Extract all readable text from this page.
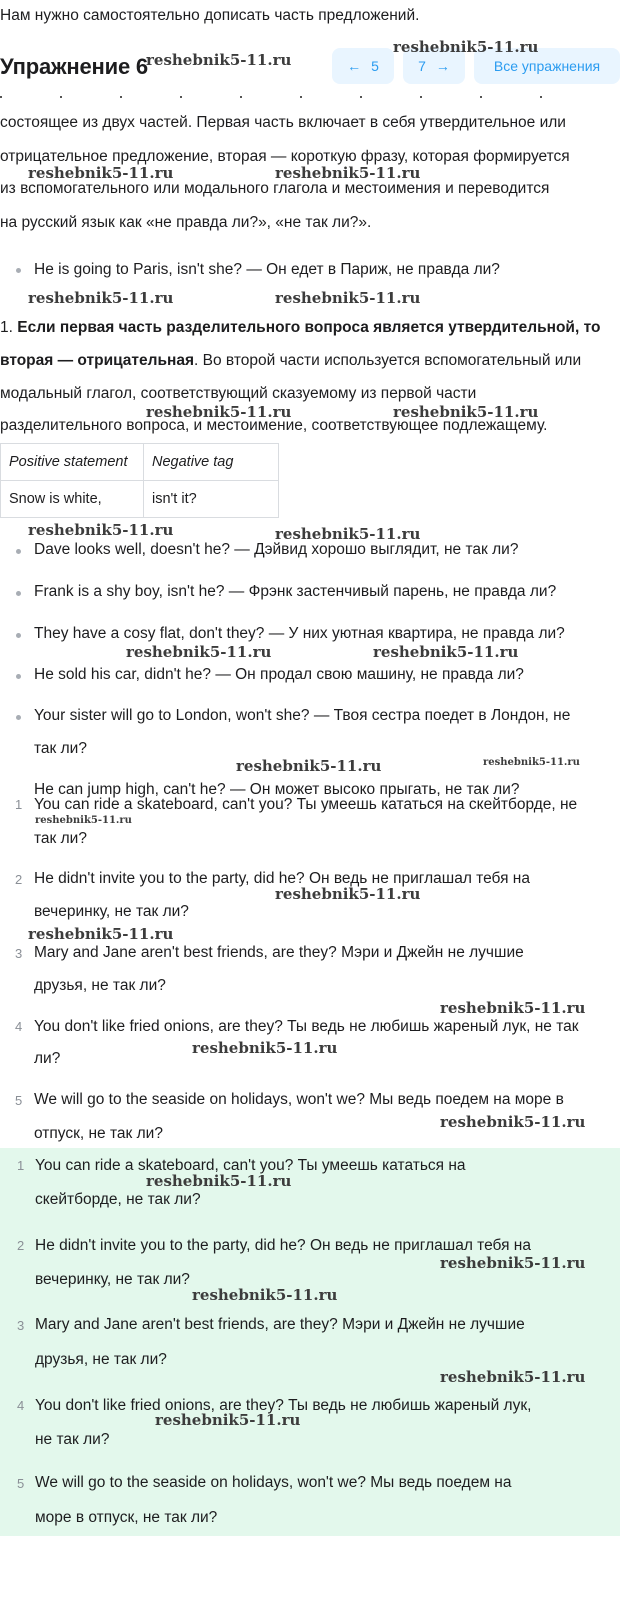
Нам нужно самостоятельно дописать часть предложений.
Упражнение 6	← 5	7 →	Все упражнения
состоящее из двух частей. Первая часть включает в себя утвердительное или
отрицательное предложение, вторая — короткую фразу, которая формируется
из вспомогательного или модального глагола и местоимения и переводится
на русский язык как «не правда ли?», «не так ли?».
He is going to Paris, isn't she? — Он едет в Париж, не правда ли?
1. Если первая часть разделительного вопроса является утвердительной, то
вторая — отрицательная. Во второй части используется вспомогательный или
модальный глагол, соответствующий сказуемому из первой части
разделительного вопроса, и местоимение, соответствующее подлежащему.
Positive statement	Negative tag
Snow is white,	isn't it?
Dave looks well, doesn't he? — Дэйвид хорошо выглядит, не так ли?
Frank is a shy boy, isn't he? — Фрэнк застенчивый парень, не правда ли?
They have a cosy flat, don't they? — У них уютная квартира, не правда ли?
He sold his car, didn't he? — Он продал свою машину, не правда ли?
Your sister will go to London, won't she? — Твоя сестра поедет в Лондон, не
так ли?
He can jump high, can't he? — Он может высоко прыгать, не так ли?
1 You can ride a skateboard, can't you? Ты умеешь кататься на скейтборде, не
так ли?
2 He didn't invite you to the party, did he? Он ведь не приглашал тебя на
вечеринку, не так ли?
3 Mary and Jane aren't best friends, are they? Мэри и Джейн не лучшие
друзья, не так ли?
4 You don't like fried onions, are they? Ты ведь не любишь жареный лук, не так
ли?
5 We will go to the seaside on holidays, won't we? Мы ведь поедем на море в
отпуск, не так ли?
1 You can ride a skateboard, can't you? Ты умеешь кататься на
скейтборде, не так ли?
2 He didn't invite you to the party, did he? Он ведь не приглашал тебя на
вечеринку, не так ли?
3 Mary and Jane aren't best friends, are they? Мэри и Джейн не лучшие
друзья, не так ли?
4 You don't like fried onions, are they? Ты ведь не любишь жареный лук,
не так ли?
5 We will go to the seaside on holidays, won't we? Мы ведь поедем на
море в отпуск, не так ли?
reshebnik5-11.ru
reshebnik5-11.ru
reshebnik5-11.ru	reshebnik5-11.ru
reshebnik5-11.ru	reshebnik5-11.ru
reshebnik5-11.ru	reshebnik5-11.ru
reshebnik5-11.ru	reshebnik5-11.ru
reshebnik5-11.ru	reshebnik5-11.ru
reshebnik5-11.ru	reshebnik5-11.ru
reshebnik5-11.ru
reshebnik5-11.ru
reshebnik5-11.ru
reshebnik5-11.ru
reshebnik5-11.ru
reshebnik5-11.ru
reshebnik5-11.ru
reshebnik5-11.ru
reshebnik5-11.ru
reshebnik5-11.ru
reshebnik5-11.ru
